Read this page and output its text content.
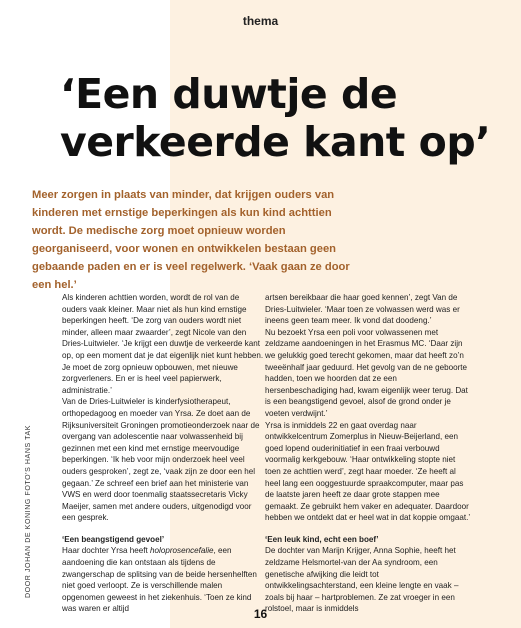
thema
‘Een duwtje de verkeerde kant op’
Meer zorgen in plaats van minder, dat krijgen ouders van kinderen met ernstige beperkingen als kun kind achttien wordt. De medische zorg moet opnieuw worden georganiseerd, voor wonen en ontwikkelen bestaan geen gebaande paden en er is veel regelwerk. ‘Vaak gaan ze door een hel.’

Als kinderen achttien worden, wordt de rol van de ouders vaak kleiner. Maar niet als hun kind ernstige beperkingen heeft. ‘De zorg van ouders wordt niet minder, alleen maar zwaarder’, zegt Nicole van den Dries-Luitwieler. ‘Je krijgt een duwtje de verkeerde kant op, op een moment dat je dat eigenlijk niet kunt hebben. Je moet de zorg opnieuw opbouwen, met nieuwe zorgverleners. En er is heel veel papierwerk, administratie.’

Van de Dries-Luitwieler is kinderfysiotherapeut, orthopedagoog en moeder van Yrsa. Ze doet aan de Rijksuniversiteit Groningen promotieonderzoek naar de overgang van adolescentie naar volwassenheid bij gezinnen met een kind met ernstige meervoudige beperkingen. ‘Ik heb voor mijn onderzoek heel veel ouders gesproken’, zegt ze, ‘vaak zijn ze door een hel gegaan.’ Ze schreef een brief aan het ministerie van VWS en werd door toenmalig staatssecretaris Vicky Maeijer, samen met andere ouders, uitgenodigd voor een gesprek.

‘Een beangstigend gevoel’

Haar dochter Yrsa heeft holoprosencefalie, een aandoening die kan ontstaan als tijdens de zwangerschap de splitsing van de beide hersenhelften niet goed verloopt. Ze is verschillende malen opgenomen geweest in het ziekenhuis. ‘Toen ze kind was waren er altijd

artsen bereikbaar die haar goed kennen’, zegt Van de Dries-Luitwieler. ‘Maar toen ze volwassen werd was er ineens geen team meer. Ik vond dat doodeng.’

Nu bezoekt Yrsa een poli voor volwassenen met zeldzame aandoeningen in het Erasmus MC. ‘Daar zijn we gelukkig goed terecht gekomen, maar dat heeft zo’n tweeënhalf jaar geduurd. Het gevolg van de ne geboorte hadden, toen we hoorden dat ze een hersenbeschadiging had, kwam eigenlijk weer terug. Dat is een beangstigend gevoel, alsof de grond onder je voeten verdwijnt.’

Yrsa is inmiddels 22 en gaat overdag naar ontwikkelcentrum Zomerplus in Nieuw-Beijerland, een goed lopend ouderinitiatief in een fraai verbouwd voormalig kerkgebouw. ‘Haar ontwikkeling stopte niet toen ze achttien werd’, zegt haar moeder. ‘Ze heeft al heel lang een ooggestuurde spraakcomputer, maar pas de laatste jaren heeft ze daar grote stappen mee gemaakt. Ze gebruikt hem vaker en adequater. Daardoor hebben we ontdekt dat er heel wat in dat koppie omgaat.’

‘Een leuk kind, echt een boef’

De dochter van Marijn Krijger, Anna Sophie, heeft het zeldzame Helsmortel-van der Aa syndroom, een genetische afwijking die leidt tot ontwikkelingsachterstand, een kleine lengte en vaak – zoals bij haar – hartproblemen. Ze zat vroeger in een rolstoel, maar is inmiddels

DOOR JOHAN DE KONING FOTO'S HANS TAK
16
